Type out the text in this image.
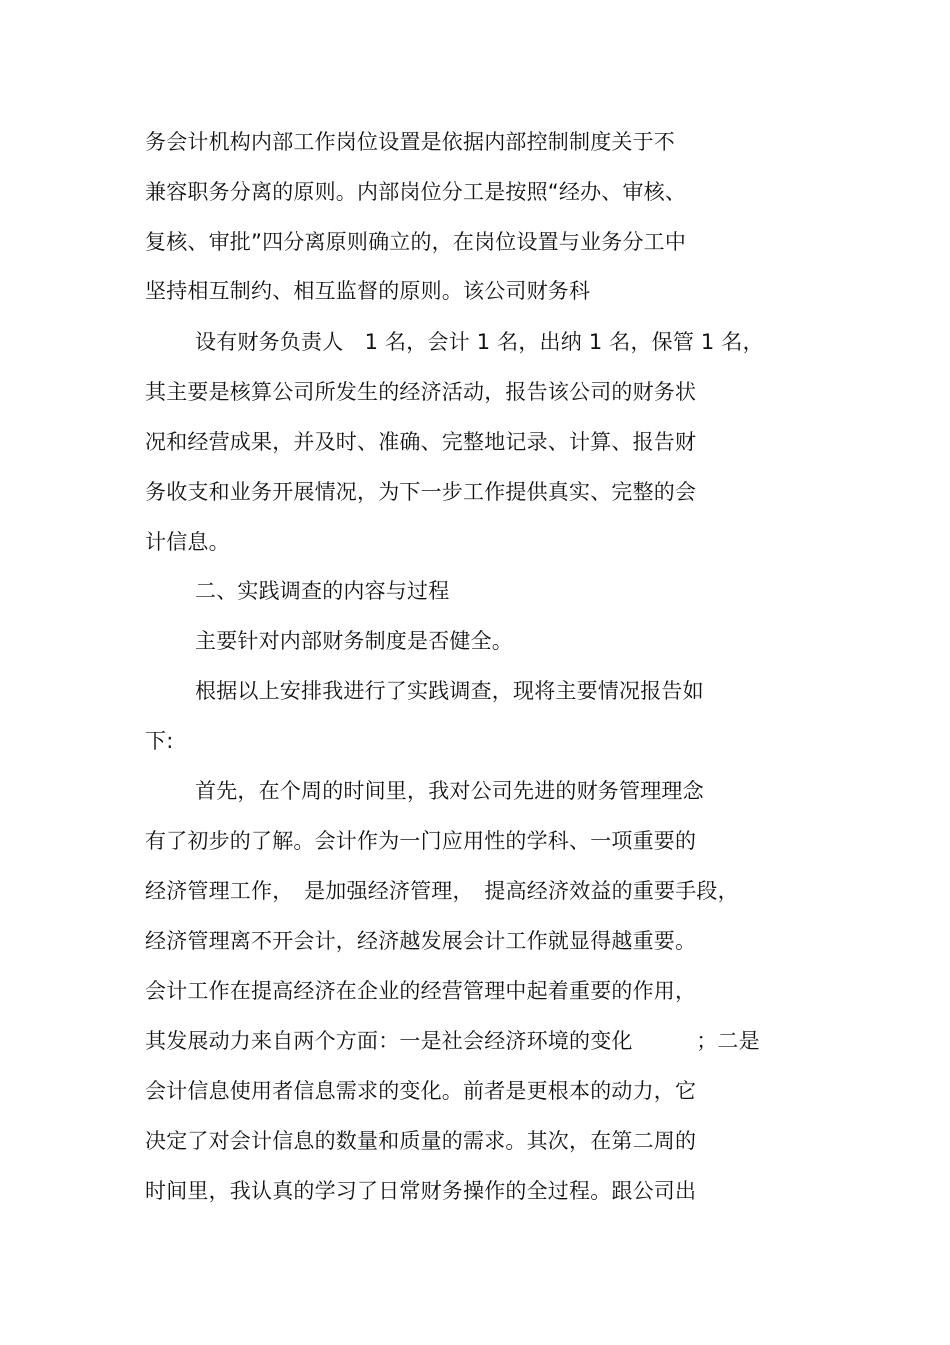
务会计机构内部工作岗位设置是依据内部控制制度关于不

兼容职务分离的原则。内部岗位分工是按照“经办、审核、

复核、审批”四分离原则确立的，在岗位设置与业务分工中

坚持相互制约、相互监督的原则。该公司财务科

设有财务负责人　1 名，会计 1 名，出纳 1 名，保管 1 名，

其主要是核算公司所发生的经济活动，报告该公司的财务状

况和经营成果，并及时、准确、完整地记录、计算、报告财

务收支和业务开展情况，为下一步工作提供真实、完整的会

计信息。

二、实践调查的内容与过程

主要针对内部财务制度是否健全。

根据以上安排我进行了实践调查，现将主要情况报告如

下:

首先，在个周的时间里，我对公司先进的财务管理理念

有了初步的了解。会计作为一门应用性的学科、一项重要的

经济管理工作，　是加强经济管理，　提高经济效益的重要手段，

经济管理离不开会计，经济越发展会计工作就显得越重要。

会计工作在提高经济在企业的经营管理中起着重要的作用，

其发展动力来自两个方面：一是社会经济环境的变化　　　；二是

会计信息使用者信息需求的变化。前者是更根本的动力，它

决定了对会计信息的数量和质量的需求。其次，在第二周的

时间里，我认真的学习了日常财务操作的全过程。跟公司出
